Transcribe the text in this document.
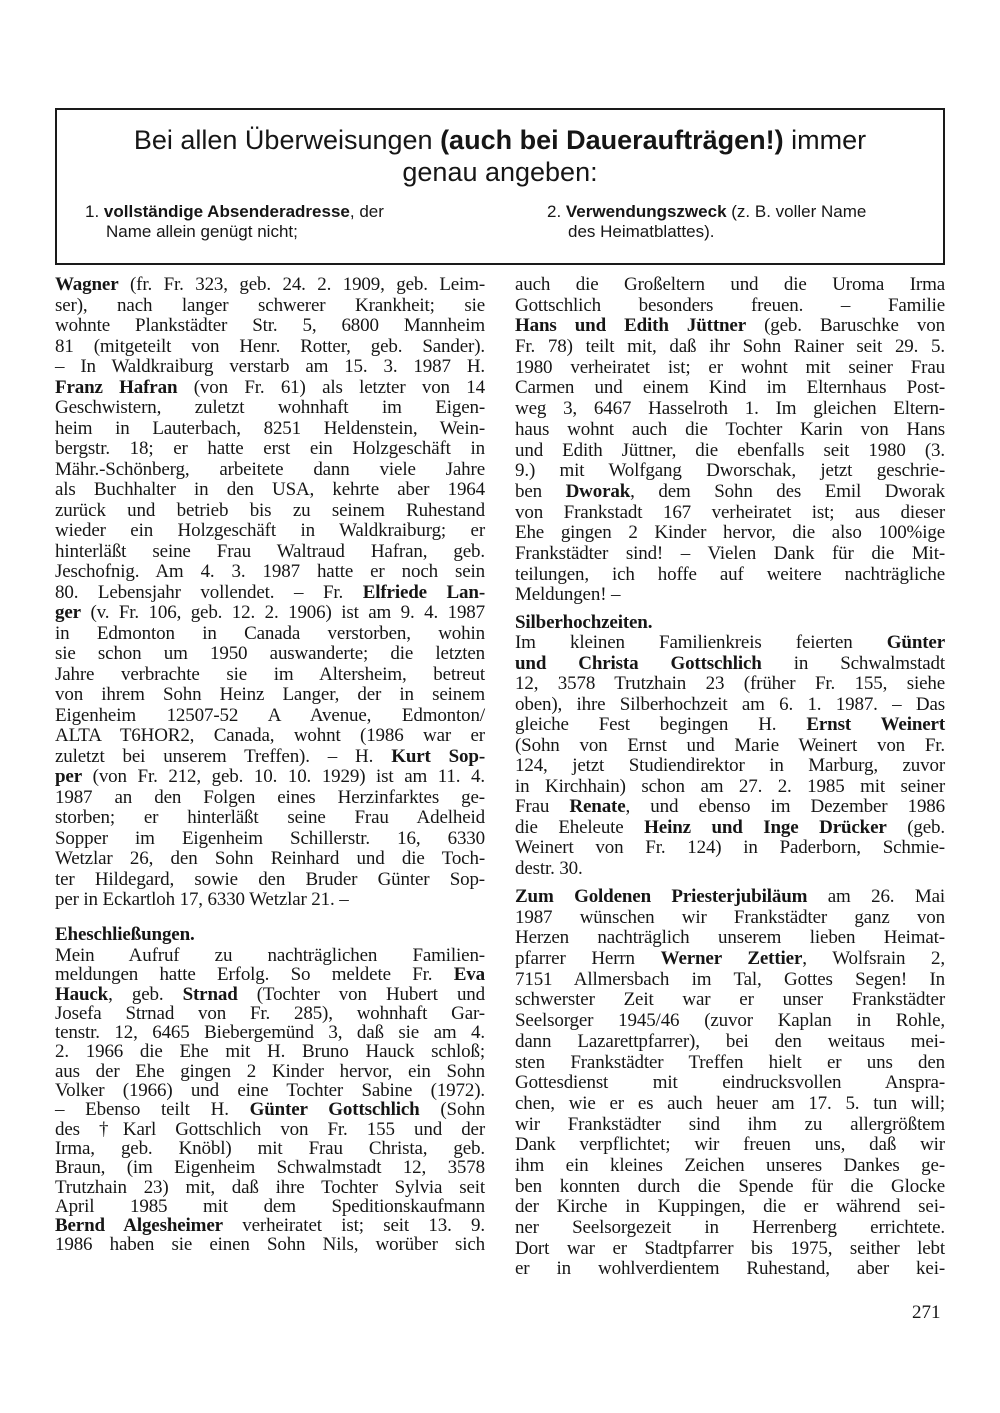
Bei allen Überweisungen (auch bei Daueraufträgen!) immer
genau angeben:
1. vollständige Absenderadresse, der
Name allein genügt nicht;
2. Verwendungszweck (z. B. voller Name
des Heimatblattes).
Wagner (fr. Fr. 323, geb. 24. 2. 1909, geb. Leim-
ser), nach langer schwerer Krankheit; sie
wohnte Plankstädter Str. 5, 6800 Mannheim
81 (mitgeteilt von Henr. Rotter, geb. Sander).
– In Waldkraiburg verstarb am 15. 3. 1987 H.
Franz Hafran (von Fr. 61) als letzter von 14
Geschwistern, zuletzt wohnhaft im Eigen-
heim in Lauterbach, 8251 Heldenstein, Wein-
bergstr. 18; er hatte erst ein Holzgeschäft in
Mähr.-Schönberg, arbeitete dann viele Jahre
als Buchhalter in den USA, kehrte aber 1964
zurück und betrieb bis zu seinem Ruhestand
wieder ein Holzgeschäft in Waldkraiburg; er
hinterläßt seine Frau Waltraud Hafran, geb.
Jeschofnig. Am 4. 3. 1987 hatte er noch sein
80. Lebensjahr vollendet. – Fr. Elfriede Lan-
ger (v. Fr. 106, geb. 12. 2. 1906) ist am 9. 4. 1987
in Edmonton in Canada verstorben, wohin
sie schon um 1950 auswanderte; die letzten
Jahre verbrachte sie im Altersheim, betreut
von ihrem Sohn Heinz Langer, der in seinem
Eigenheim 12507-52 A Avenue, Edmonton/
ALTA T6HOR2, Canada, wohnt (1986 war er
zuletzt bei unserem Treffen). – H. Kurt Sop-
per (von Fr. 212, geb. 10. 10. 1929) ist am 11. 4.
1987 an den Folgen eines Herzinfarktes ge-
storben; er hinterläßt seine Frau Adelheid
Sopper im Eigenheim Schillerstr. 16, 6330
Wetzlar 26, den Sohn Reinhard und die Toch-
ter Hildegard, sowie den Bruder Günter Sop-
per in Eckartloh 17, 6330 Wetzlar 21. –
Eheschließungen.
Mein Aufruf zu nachträglichen Familien-
meldungen hatte Erfolg. So meldete Fr. Eva
Hauck, geb. Strnad (Tochter von Hubert und
Josefa Strnad von Fr. 285), wohnhaft Gar-
tenstr. 12, 6465 Biebergemünd 3, daß sie am 4.
2. 1966 die Ehe mit H. Bruno Hauck schloß;
aus der Ehe gingen 2 Kinder hervor, ein Sohn
Volker (1966) und eine Tochter Sabine (1972).
– Ebenso teilt H. Günter Gottschlich (Sohn
des †Karl Gottschlich von Fr. 155 und der
Irma, geb. Knöbl) mit Frau Christa, geb.
Braun, (im Eigenheim Schwalmstadt 12, 3578
Trutzhain 23) mit, daß ihre Tochter Sylvia seit
April 1985 mit dem Speditionskaufmann
Bernd Algesheimer verheiratet ist; seit 13. 9.
1986 haben sie einen Sohn Nils, worüber sich
auch die Großeltern und die Uroma Irma
Gottschlich besonders freuen. – Familie
Hans und Edith Jüttner (geb. Baruschke von
Fr. 78) teilt mit, daß ihr Sohn Rainer seit 29. 5.
1980 verheiratet ist; er wohnt mit seiner Frau
Carmen und einem Kind im Elternhaus Post-
weg 3, 6467 Hasselroth 1. Im gleichen Eltern-
haus wohnt auch die Tochter Karin von Hans
und Edith Jüttner, die ebenfalls seit 1980 (3.
9.) mit Wolfgang Dworschak, jetzt geschrie-
ben Dworak, dem Sohn des Emil Dworak
von Frankstadt 167 verheiratet ist; aus dieser
Ehe gingen 2 Kinder hervor, die also 100%ige
Frankstädter sind! – Vielen Dank für die Mit-
teilungen, ich hoffe auf weitere nachträgliche
Meldungen! –
Silberhochzeiten.
Im kleinen Familienkreis feierten Günter
und Christa Gottschlich in Schwalmstadt
12, 3578 Trutzhain 23 (früher Fr. 155, siehe
oben), ihre Silberhochzeit am 6. 1. 1987. – Das
gleiche Fest begingen H. Ernst Weinert
(Sohn von Ernst und Marie Weinert von Fr.
124, jetzt Studiendirektor in Marburg, zuvor
in Kirchhain) schon am 27. 2. 1985 mit seiner
Frau Renate, und ebenso im Dezember 1986
die Eheleute Heinz und Inge Drücker (geb.
Weinert von Fr. 124) in Paderborn, Schmie-
destr. 30.
Zum Goldenen Priesterjubiläum am 26. Mai
1987 wünschen wir Frankstädter ganz von
Herzen nachträglich unserem lieben Heimat-
pfarrer Herrn Werner Zettier, Wolfsrain 2,
7151 Allmersbach im Tal, Gottes Segen! In
schwerster Zeit war er unser Frankstädter
Seelsorger 1945/46 (zuvor Kaplan in Rohle,
dann Lazarettpfarrer), bei den weitaus mei-
sten Frankstädter Treffen hielt er uns den
Gottesdienst mit eindrucksvollen Anspra-
chen, wie er es auch heuer am 17. 5. tun will;
wir Frankstädter sind ihm zu allergrößtem
Dank verpflichtet; wir freuen uns, daß wir
ihm ein kleines Zeichen unseres Dankes ge-
ben konnten durch die Spende für die Glocke
der Kirche in Kuppingen, die er während sei-
ner Seelsorgezeit in Herrenberg errichtete.
Dort war er Stadtpfarrer bis 1975, seither lebt
er in wohlverdientem Ruhestand, aber kei-
271
